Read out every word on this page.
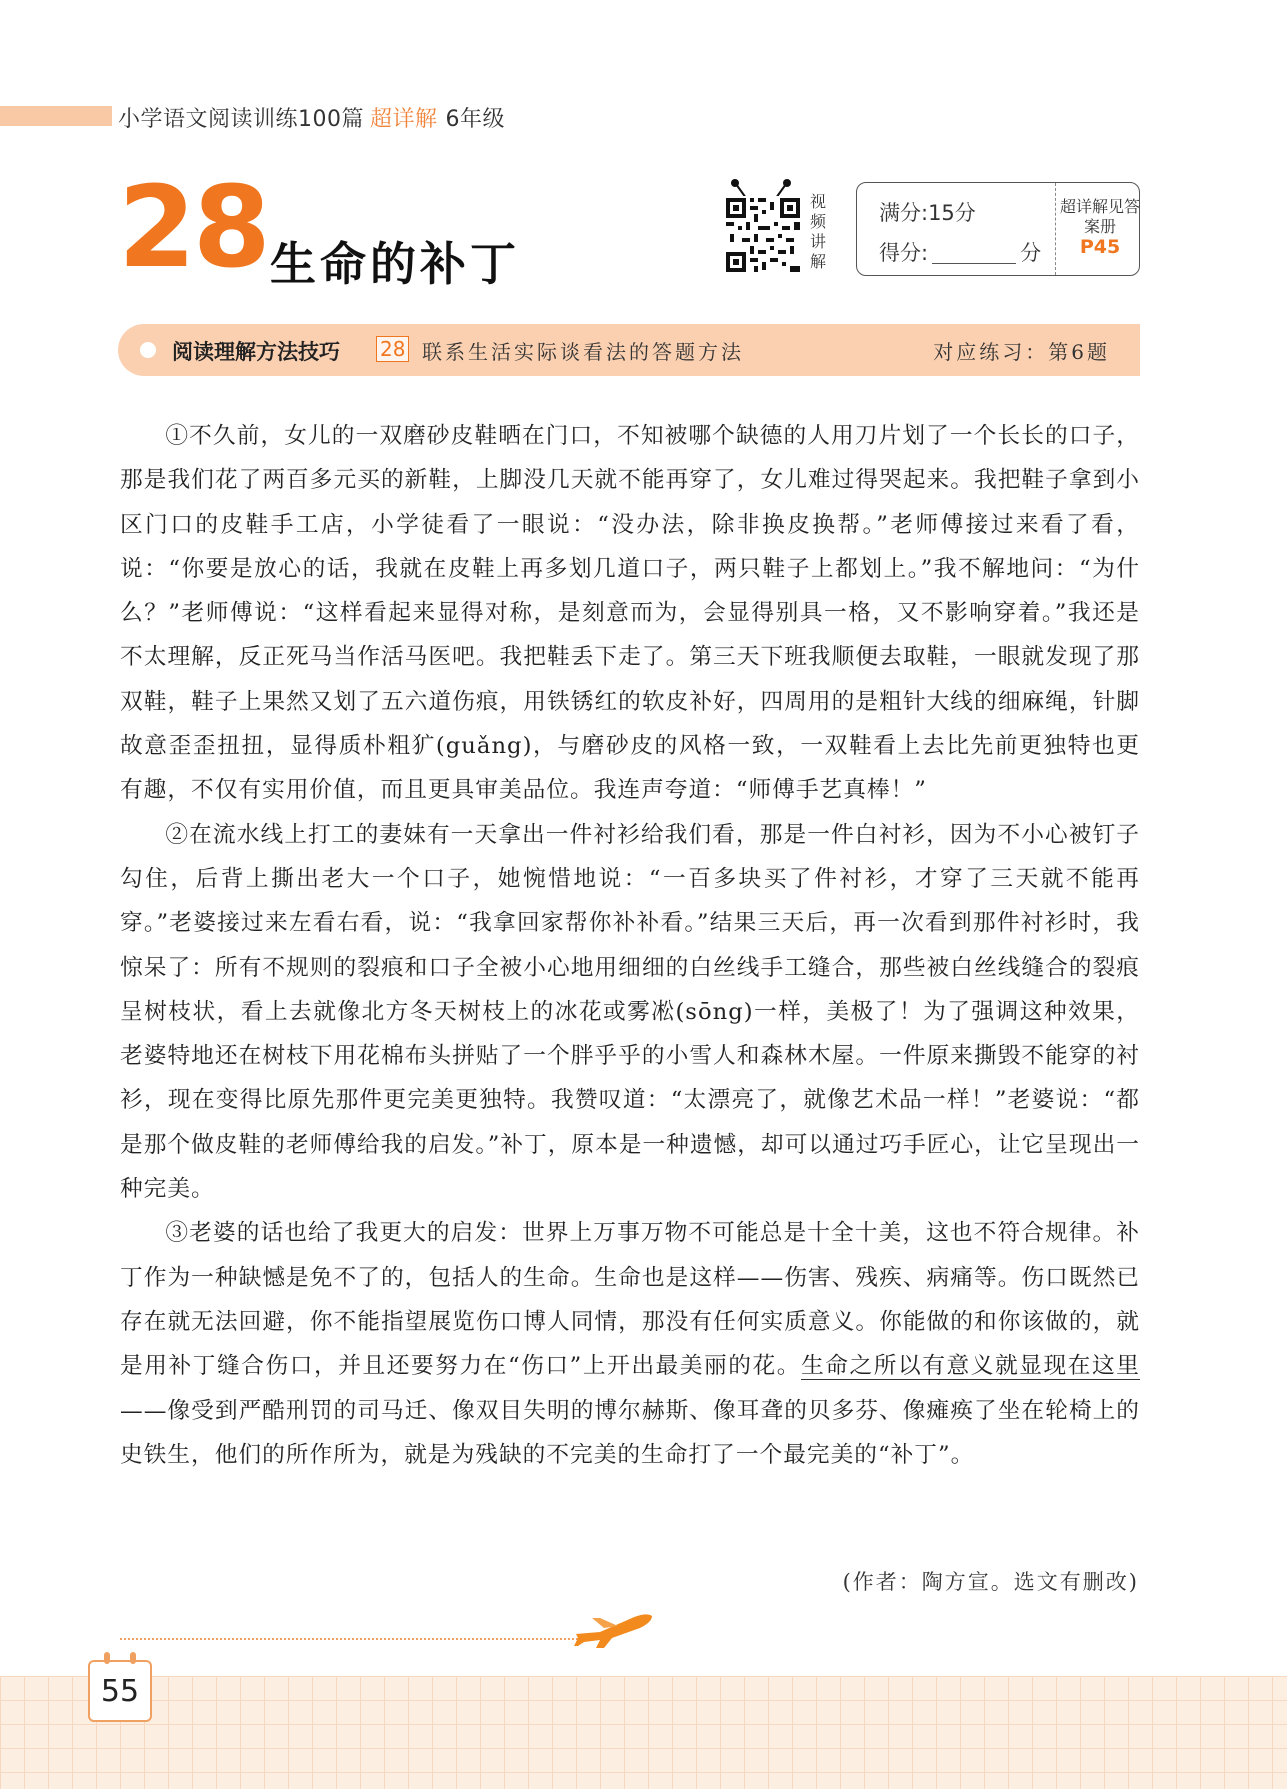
小学语文阅读训练100篇 超详解 6年级
28 生命的补丁
视频讲解
满分:15分
得分:	分
超详解见答案册
P45
阅读理解方法技巧 28 联系生活实际谈看法的答题方法	对应练习：第6题

①不久前，女儿的一双磨砂皮鞋晒在门口，不知被哪个缺德的人用刀片划了一个长长的口子，那是我们花了两百多元买的新鞋，上脚没几天就不能再穿了，女儿难过得哭起来。我把鞋子拿到小区门口的皮鞋手工店，小学徒看了一眼说：“没办法，除非换皮换帮。”老师傅接过来看了看，说：“你要是放心的话，我就在皮鞋上再多划几道口子，两只鞋子上都划上。”我不解地问：“为什么？”老师傅说：“这样看起来显得对称，是刻意而为，会显得别具一格，又不影响穿着。”我还是不太理解，反正死马当作活马医吧。我把鞋丢下走了。第三天下班我顺便去取鞋，一眼就发现了那双鞋，鞋子上果然又划了五六道伤痕，用铁锈红的软皮补好，四周用的是粗针大线的细麻绳，针脚故意歪歪扭扭，显得质朴粗犷(guǎng)，与磨砂皮的风格一致，一双鞋看上去比先前更独特也更有趣，不仅有实用价值，而且更具审美品位。我连声夸道：“师傅手艺真棒！”

②在流水线上打工的妻妹有一天拿出一件衬衫给我们看，那是一件白衬衫，因为不小心被钉子勾住，后背上撕出老大一个口子，她惋惜地说：“一百多块买了件衬衫，才穿了三天就不能再穿。”老婆接过来左看右看，说：“我拿回家帮你补补看。”结果三天后，再一次看到那件衬衫时，我惊呆了：所有不规则的裂痕和口子全被小心地用细细的白丝线手工缝合，那些被白丝线缝合的裂痕呈树枝状，看上去就像北方冬天树枝上的冰花或雾凇(sōng)一样，美极了！为了强调这种效果，老婆特地还在树枝下用花棉布头拼贴了一个胖乎乎的小雪人和森林木屋。一件原来撕毁不能穿的衬衫，现在变得比原先那件更完美更独特。我赞叹道：“太漂亮了，就像艺术品一样！”老婆说：“都是那个做皮鞋的老师傅给我的启发。”补丁，原本是一种遗憾，却可以通过巧手匠心，让它呈现出一种完美。

③老婆的话也给了我更大的启发：世界上万事万物不可能总是十全十美，这也不符合规律。补丁作为一种缺憾是免不了的，包括人的生命。生命也是这样——伤害、残疾、病痛等。伤口既然已存在就无法回避，你不能指望展览伤口博人同情，那没有任何实质意义。你能做的和你该做的，就是用补丁缝合伤口，并且还要努力在“伤口”上开出最美丽的花。生命之所以有意义就显现在这里——像受到严酷刑罚的司马迁、像双目失明的博尔赫斯、像耳聋的贝多芬、像瘫痪了坐在轮椅上的史铁生，他们的所作所为，就是为残缺的不完美的生命打了一个最完美的“补丁”。

(作者：陶方宣。选文有删改)
55
